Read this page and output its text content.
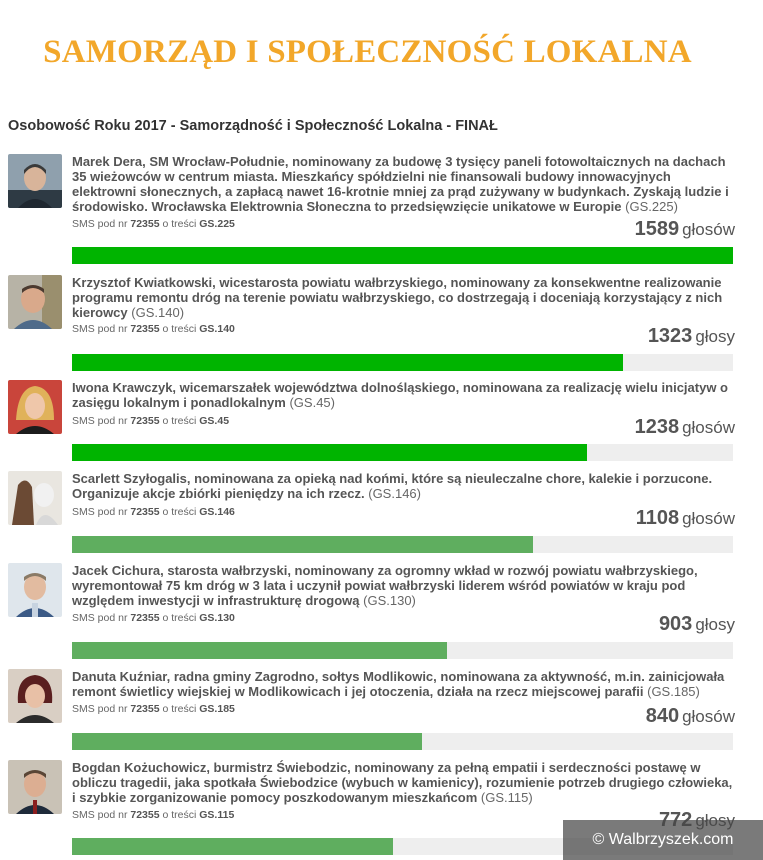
SAMORZĄD I SPOŁECZNOŚĆ LOKALNA
Osobowość Roku 2017 - Samorządność i Społeczność Lokalna - FINAŁ
Marek Dera, SM Wrocław-Południe, nominowany za budowę 3 tysięcy paneli fotowoltaicznych na dachach 35 wieżowców w centrum miasta. Mieszkańcy spółdzielni nie finansowali budowy innowacyjnych elektrowni słonecznych, a zapłacą nawet 16-krotnie mniej za prąd zużywany w budynkach. Zyskają ludzie i środowisko. Wrocławska Elektrownia Słoneczna to przedsięwzięcie unikatowe w Europie (GS.225)
SMS pod nr 72355 o treści GS.225	1589 głosów
Krzysztof Kwiatkowski, wicestarosta powiatu wałbrzyskiego, nominowany za konsekwentne realizowanie programu remontu dróg na terenie powiatu wałbrzyskiego, co dostrzegają i doceniają korzystający z nich kierowcy (GS.140)
SMS pod nr 72355 o treści GS.140	1323 głosy
Iwona Krawczyk, wicemarszałek województwa dolnośląskiego, nominowana za realizację wielu inicjatyw o zasięgu lokalnym i ponadlokalnym (GS.45)
SMS pod nr 72355 o treści GS.45	1238 głosów
Scarlett Szyłogalis, nominowana za opieką nad końmi, które są nieuleczalne chore, kalekie i porzucone. Organizuje akcje zbiórki pieniędzy na ich rzecz. (GS.146)
SMS pod nr 72355 o treści GS.146	1108 głosów
Jacek Cichura, starosta wałbrzyski, nominowany za ogromny wkład w rozwój powiatu wałbrzyskiego, wyremontował 75 km dróg w 3 lata i uczynił powiat wałbrzyski liderem wśród powiatów w kraju pod względem inwestycji w infrastrukturę drogową (GS.130)
SMS pod nr 72355 o treści GS.130	903 głosy
Danuta Kuźniar, radna gminy Zagrodno, sołtys Modlikowic, nominowana za aktywność, m.in. zainicjowała remont świetlicy wiejskiej w Modlikowicach i jej otoczenia, działa na rzecz miejscowej parafii (GS.185)
SMS pod nr 72355 o treści GS.185	840 głosów
Bogdan Kożuchowicz, burmistrz Świebodzic, nominowany za pełną empatii i serdeczności postawę w obliczu tragedii, jaka spotkała Świebodzice (wybuch w kamienicy), rozumienie potrzeb drugiego człowieka, i szybkie zorganizowanie pomocy poszkodowanym mieszkańcom (GS.115)
SMS pod nr 72355 o treści GS.115
© Walbrzyszek.com
